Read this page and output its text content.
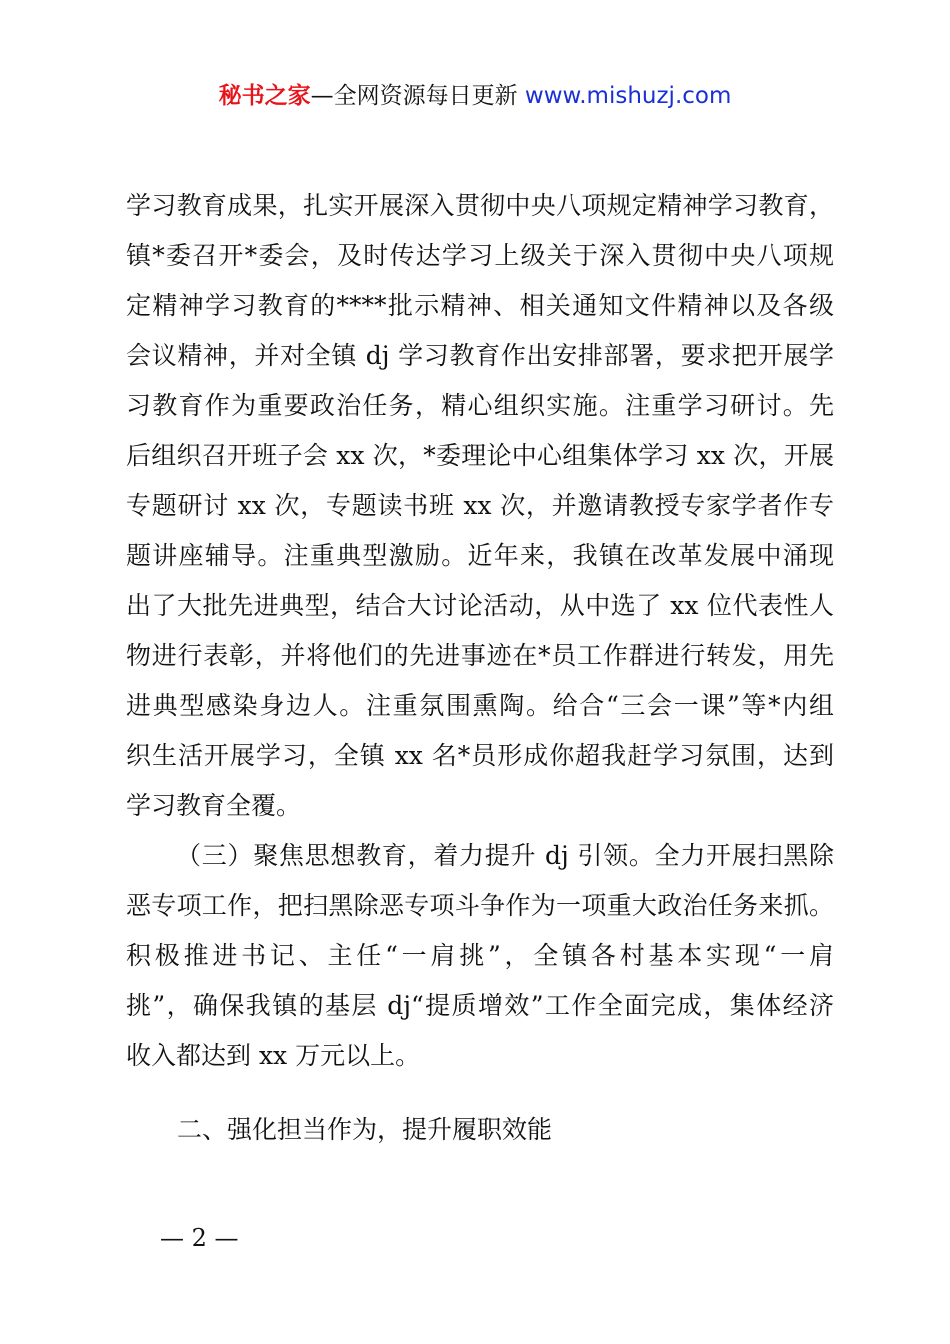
秘书之家—全网资源每日更新 www.mishuzj.com
学习教育成果，扎实开展深入贯彻中央八项规定精神学习教育，
镇*委召开*委会，及时传达学习上级关于深入贯彻中央八项规
定精神学习教育的****批示精神、相关通知文件精神以及各级
会议精神，并对全镇 dj 学习教育作出安排部署，要求把开展学
习教育作为重要政治任务，精心组织实施。注重学习研讨。先
后组织召开班子会 xx 次，*委理论中心组集体学习 xx 次，开展
专题研讨 xx 次，专题读书班 xx 次，并邀请教授专家学者作专
题讲座辅导。注重典型激励。近年来，我镇在改革发展中涌现
出了大批先进典型，结合大讨论活动，从中选了 xx 位代表性人
物进行表彰，并将他们的先进事迹在*员工作群进行转发，用先
进典型感染身边人。注重氛围熏陶。给合“三会一课”等*内组
织生活开展学习，全镇 xx 名*员形成你超我赶学习氛围，达到
学习教育全覆。
（三）聚焦思想教育，着力提升 dj 引领。全力开展扫黑除
恶专项工作，把扫黑除恶专项斗争作为一项重大政治任务来抓。
积极推进书记、主任“一肩挑”，全镇各村基本实现“一肩
挑”，确保我镇的基层 dj“提质增效”工作全面完成，集体经济
收入都达到 xx 万元以上。
二、强化担当作为，提升履职效能
— 2 —
